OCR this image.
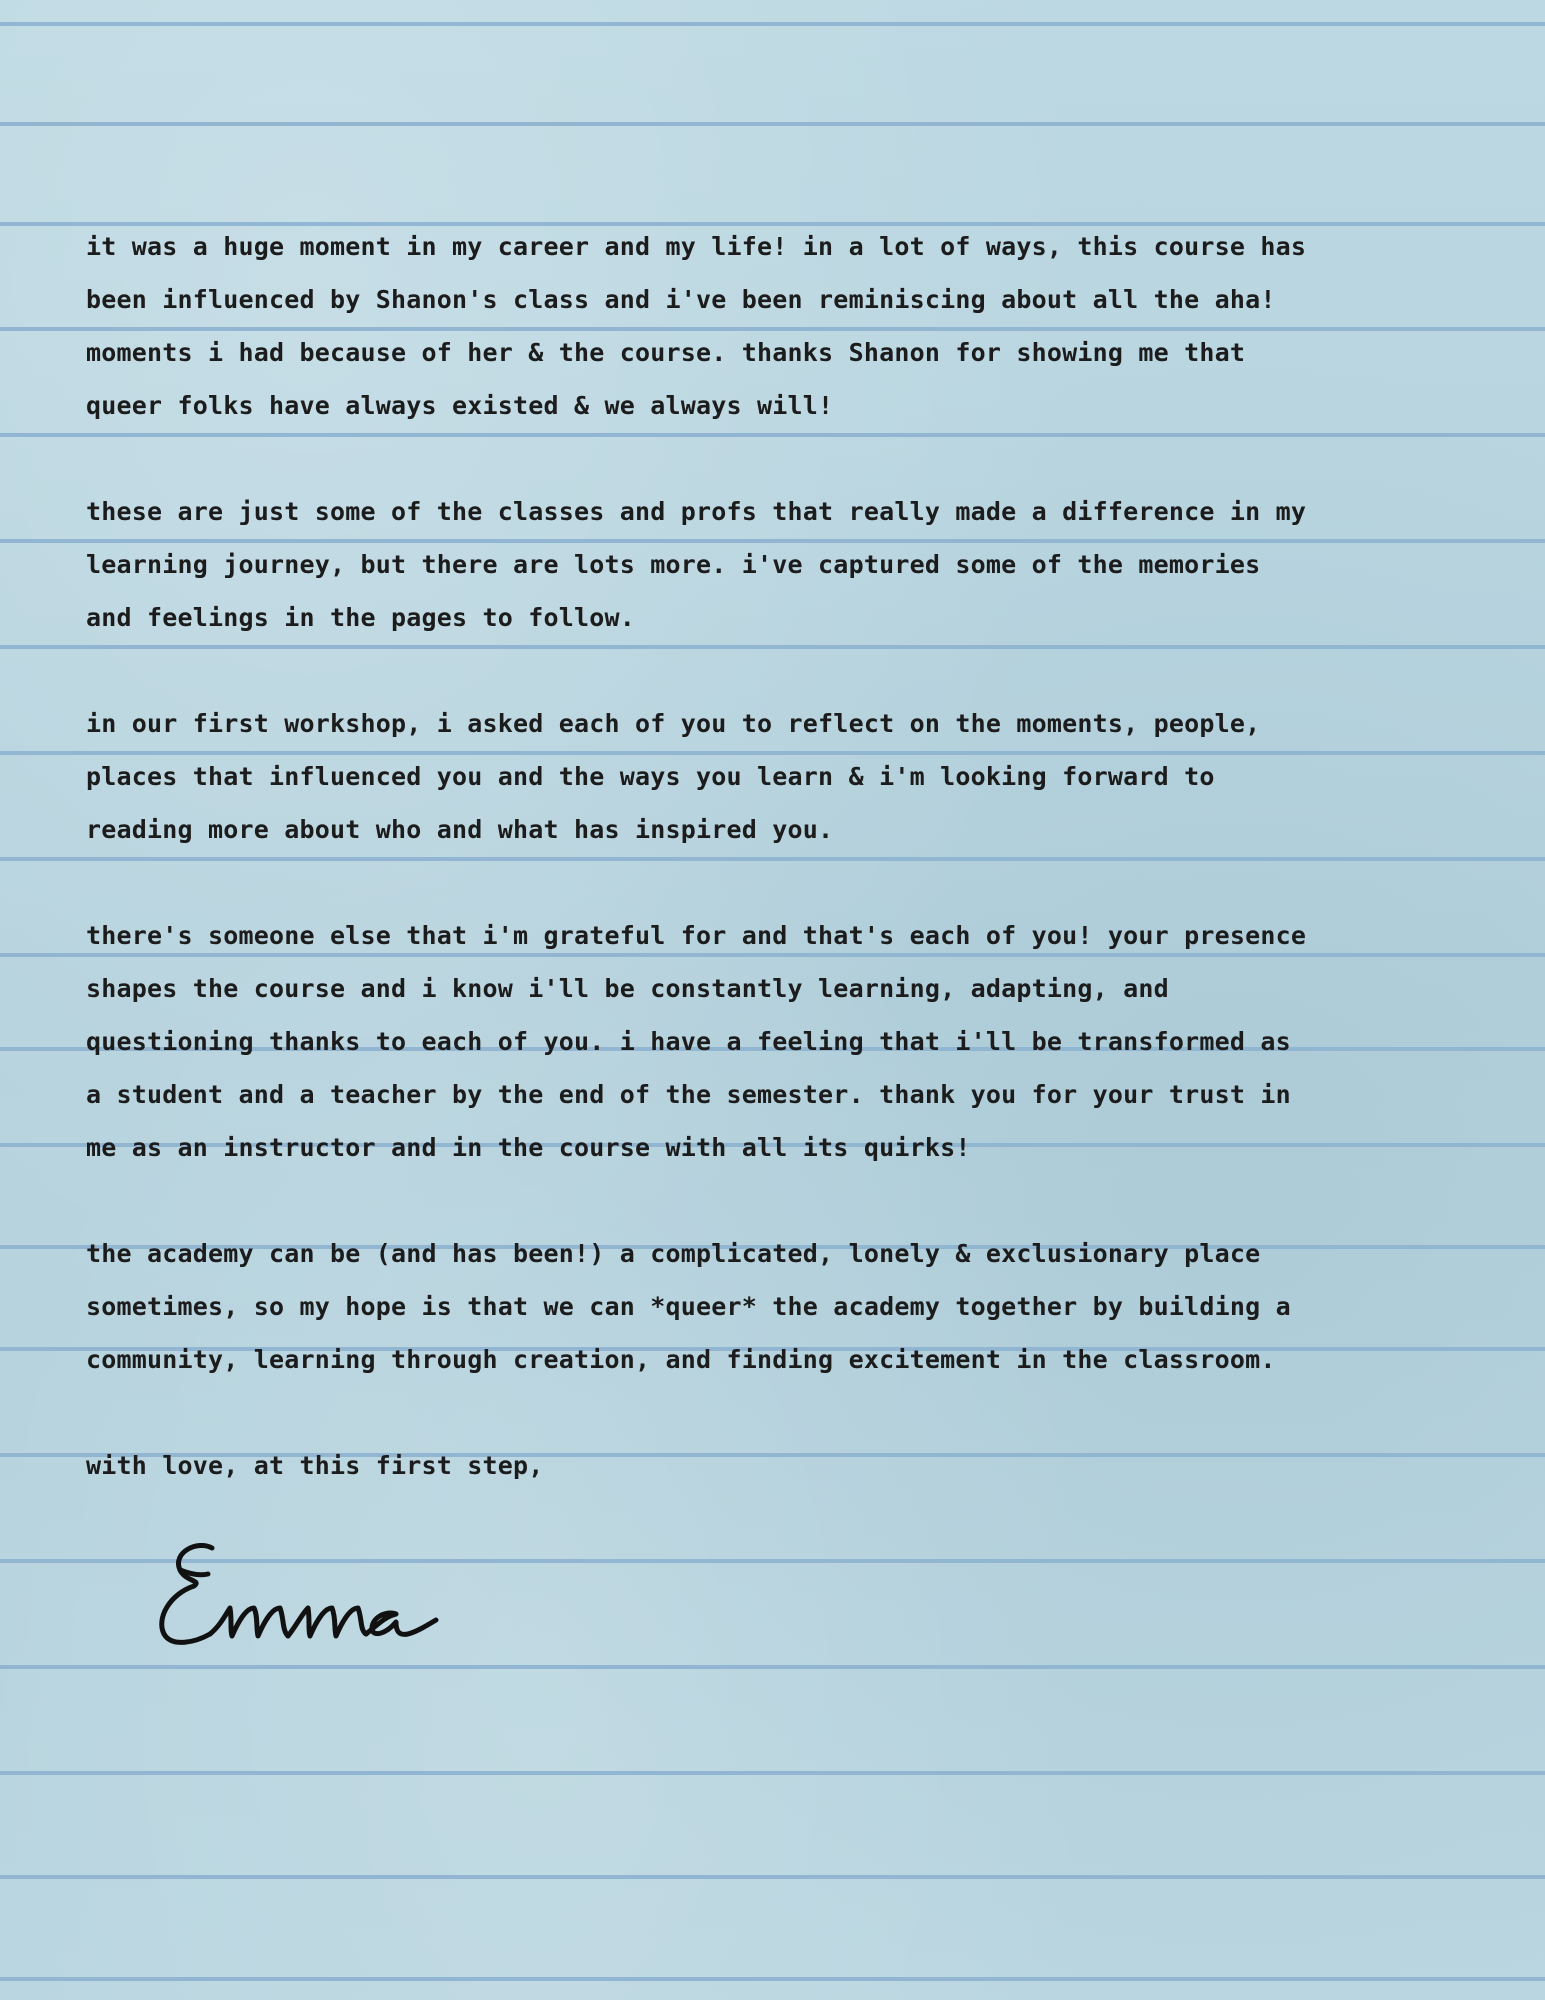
it was a huge moment in my career and my life! in a lot of ways, this course has
been influenced by Shanon's class and i've been reminiscing about all the aha!
moments i had because of her & the course. thanks Shanon for showing me that
queer folks have always existed & we always will!
these are just some of the classes and profs that really made a difference in my
learning journey, but there are lots more. i've captured some of the memories
and feelings in the pages to follow.
in our first workshop, i asked each of you to reflect on the moments, people,
places that influenced you and the ways you learn & i'm looking forward to
reading more about who and what has inspired you.
there's someone else that i'm grateful for and that's each of you! your presence
shapes the course and i know i'll be constantly learning, adapting, and
questioning thanks to each of you. i have a feeling that i'll be transformed as
a student and a teacher by the end of the semester. thank you for your trust in
me as an instructor and in the course with all its quirks!
the academy can be (and has been!) a complicated, lonely & exclusionary place
sometimes, so my hope is that we can *queer* the academy together by building a
community, learning through creation, and finding excitement in the classroom.
with love, at this first step,
